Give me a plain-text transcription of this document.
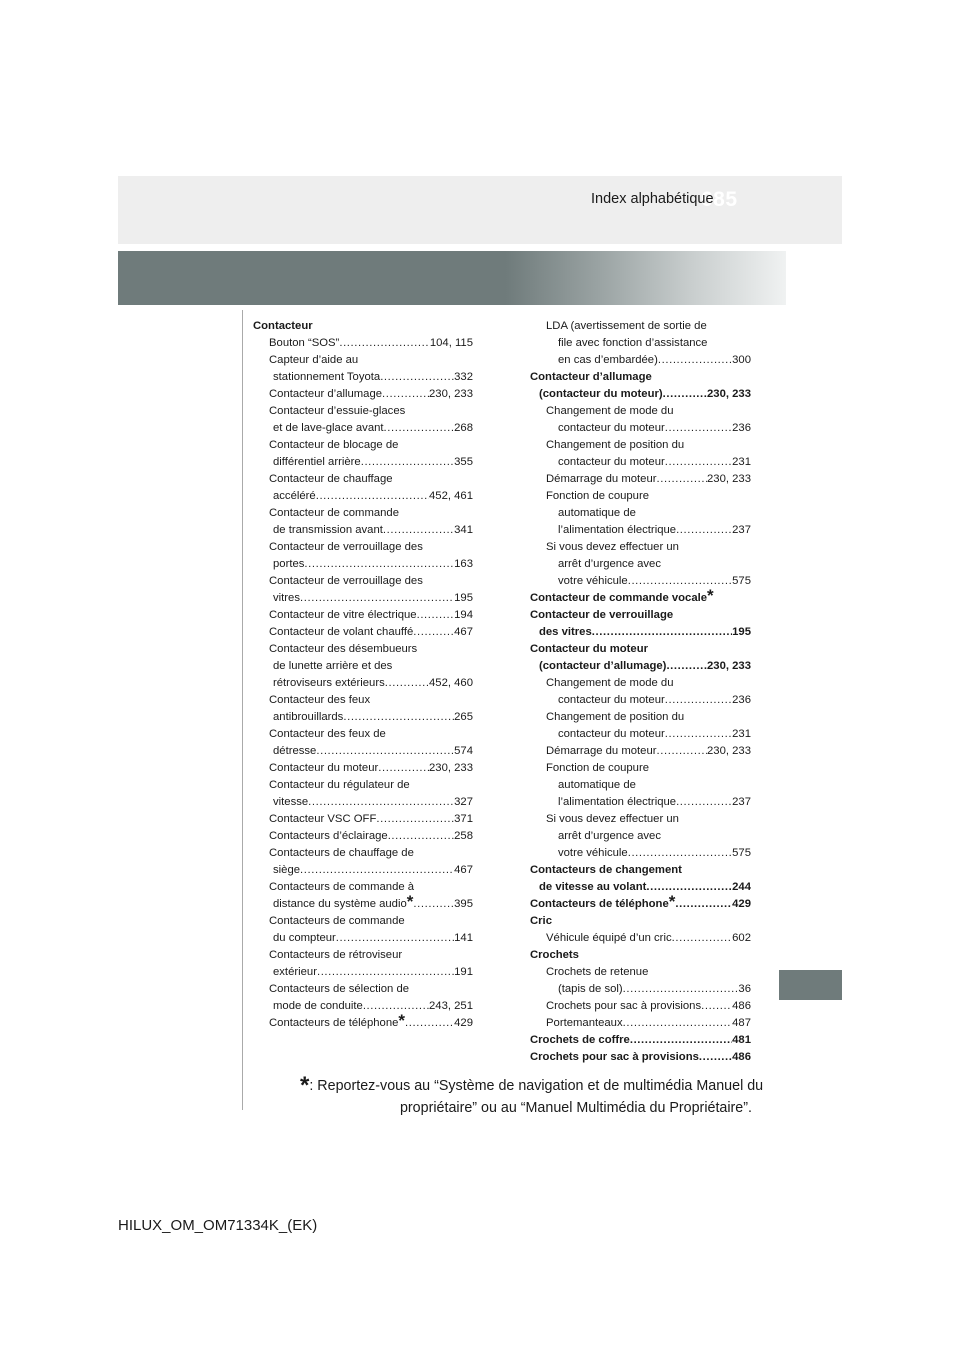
685
Index alphabétique
Contacteur
Bouton “SOS” .....	104, 115
Capteur d’aide au
stationnement Toyota .....	332
Contacteur d’allumage .....	230, 233
Contacteur d’essuie-glaces
et de lave-glace avant .....	268
Contacteur de blocage de
différentiel arrière .....	355
Contacteur de chauffage
accéléré .....	452, 461
Contacteur de commande
de transmission avant .....	341
Contacteur de verrouillage des
portes .....	163
Contacteur de verrouillage des
vitres .....	195
Contacteur de vitre électrique .....	194
Contacteur de volant chauffé .....	467
Contacteur des désembueurs
de lunette arrière et des
rétroviseurs extérieurs .....	452, 460
Contacteur des feux
antibrouillards .....	265
Contacteur des feux de
détresse .....	574
Contacteur du moteur .....	230, 233
Contacteur du régulateur de
vitesse .....	327
Contacteur VSC OFF .....	371
Contacteurs d’éclairage .....	258
Contacteurs de chauffage de
siège .....	467
Contacteurs de commande à
distance du système audio * .....	395
Contacteurs de commande
du compteur .....	141
Contacteurs de rétroviseur
extérieur .....	191
Contacteurs de sélection de
mode de conduite .....	243, 251
Contacteurs de téléphone * .....	429
LDA (avertissement de sortie de
file avec fonction d’assistance
en cas d’embardée) .....	300
Contacteur d’allumage
(contacteur du moteur) .....	230, 233
Changement de mode du
contacteur du moteur .....	236
Changement de position du
contacteur du moteur .....	231
Démarrage du moteur .....	230, 233
Fonction de coupure
automatique de
l’alimentation électrique .....	237
Si vous devez effectuer un
arrêt d’urgence avec
votre véhicule .....	575
Contacteur de commande vocale *
Contacteur de verrouillage
des vitres .....	195
Contacteur du moteur
(contacteur d’allumage) .....	230, 233
Changement de mode du
contacteur du moteur .....	236
Changement de position du
contacteur du moteur .....	231
Démarrage du moteur .....	230, 233
Fonction de coupure
automatique de
l’alimentation électrique .....	237
Si vous devez effectuer un
arrêt d’urgence avec
votre véhicule .....	575
Contacteurs de changement
de vitesse au volant .....	244
Contacteurs de téléphone * .....	429
Cric
Véhicule équipé d’un cric .....	602
Crochets
Crochets de retenue
(tapis de sol) .....	36
Crochets pour sac à provisions .....	486
Portemanteaux .....	487
Crochets de coffre .....	481
Crochets pour sac à provisions .....	486
*: Reportez-vous au “Système de navigation et de multimédia Manuel du
propriétaire” ou au “Manuel Multimédia du Propriétaire”.
HILUX_OM_OM71334K_(EK)
